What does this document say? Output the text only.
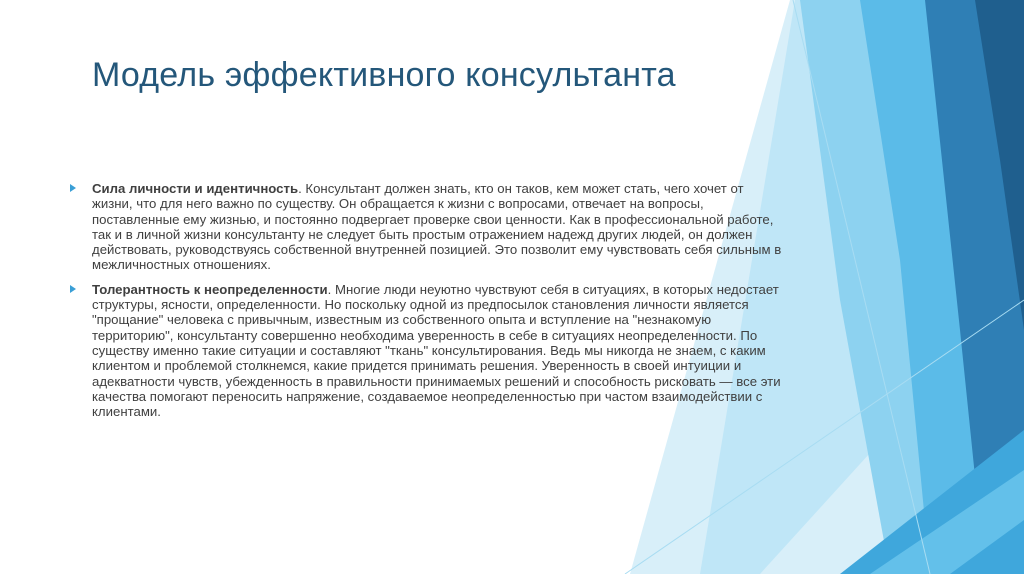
Модель эффективного консультанта
Сила личности и идентичность. Консультант должен знать, кто он таков, кем может стать, чего хочет от жизни, что для него важно по существу. Он обращается к жизни с вопросами, отвечает на вопросы, поставленные ему жизнью, и постоянно подвергает проверке свои ценности. Как в профессиональной работе, так и в личной жизни консультанту не следует быть простым отражением надежд других людей, он должен действовать, руководствуясь собственной внутренней позицией. Это позволит ему чувствовать себя сильным в межличностных отношениях.
Толерантность к неопределенности. Многие люди неуютно чувствуют себя в ситуациях, в которых недостает структуры, ясности, определенности. Но поскольку одной из предпосылок становления личности является "прощание" человека с привычным, известным из собственного опыта и вступление на "незнакомую территорию", консультанту совершенно необходима уверенность в себе в ситуациях неопределенности. По существу именно такие ситуации и составляют "ткань" консультирования. Ведь мы никогда не знаем, с каким клиентом и проблемой столкнемся, какие придется принимать решения. Уверенность в своей интуиции и адекватности чувств, убежденность в правильности принимаемых решений и способность рисковать — все эти качества помогают переносить напряжение, создаваемое неопределенностью при частом взаимодействии с клиентами.
